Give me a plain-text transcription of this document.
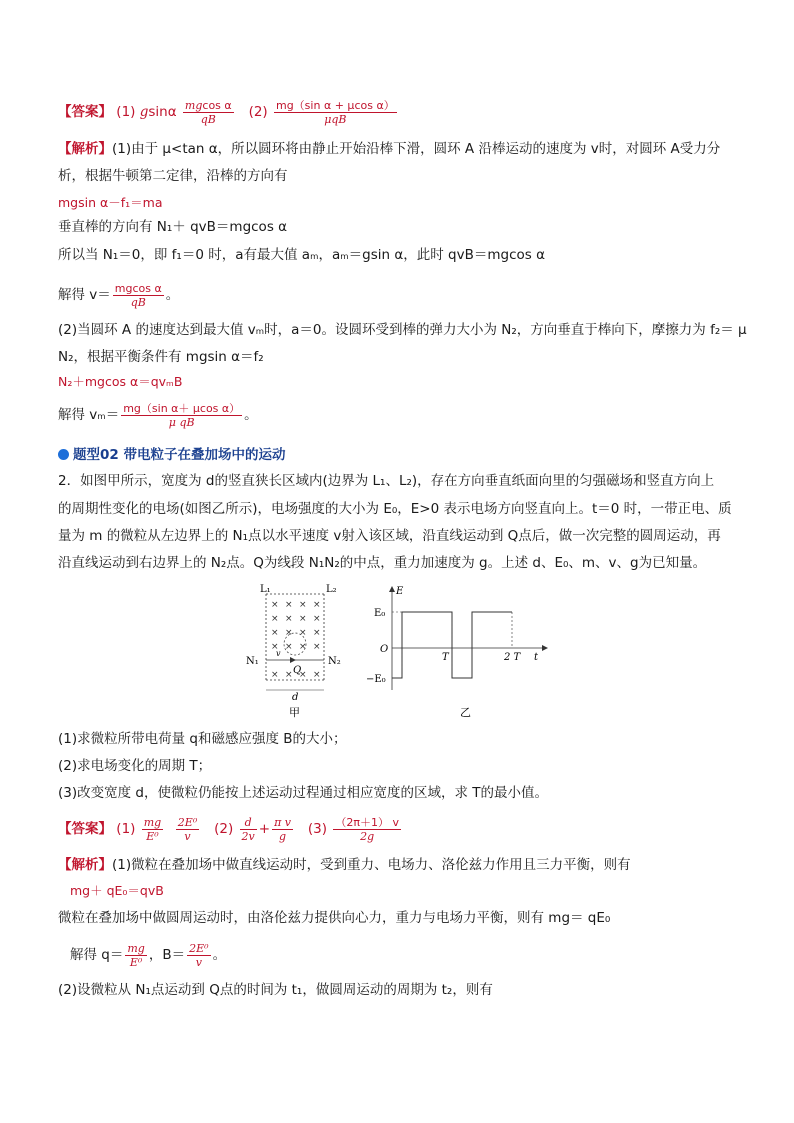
【答案】 (1) gsinα $\frac{\text{mgcos α}}{qB} (2) \frac{\text{mg（sin α + μcos α）}}{\text{μqB}}$
【解析】(1)由于 μ<tan α，所以圆环将由静止开始沿棒下滑，圆环 A 沿棒运动的速度为 v时，对圆环 A受力分
析，根据牛顿第二定律，沿棒的方向有
mgsin α－f₁＝ma
垂直棒的方向有 N₁＋ qvB＝mgcos α
所以当 N₁＝0，即 f₁＝0 时，a有最大值 aₘ，aₘ＝gsin α，此时 qvB＝mgcos α
解得 $v= \frac{\text{mgcos α}}{qB}$ 。
(2)当圆环 A 的速度达到最大值 vₘ时，a＝0。设圆环受到棒的弹力大小为 N₂，方向垂直于棒向下，摩擦力为 f₂＝ μ
N₂，根据平衡条件有 mgsin α＝f₂
N₂＋mgcos α＝qvₘB
解得 $v_m= \frac{\text{mg（sin α＋ μcos α）}}{\text{μ qB}}$ 。
题型02 带电粒子在叠加场中的运动
2．如图甲所示，宽度为 d的竖直狭长区域内(边界为 L₁、L₂)，存在方向垂直纸面向里的匀强磁场和竖直方向上
的周期性变化的电场(如图乙所示)，电场强度的大小为 E₀，E>0 表示电场方向竖直向上。t＝0 时，一带正电、质
量为 m 的微粒从左边界上的 N₁点以水平速度 v射入该区域，沿直线运动到 Q点后，做一次完整的圆周运动，再
沿直线运动到右边界上的 N₂点。Q为线段 N₁N₂的中点，重力加速度为 g。上述 d、E₀、m、v、g为已知量。
× × × ×
× × × ×
× × × ×
× × × ×
× × × ×
L₁	L₂
N₁	N₂
Q
v
d
甲
E
E₀
O
−E₀
T	2 T t
乙
(1)求微粒所带电荷量 q和磁感应强度 B的大小；
(2)求电场变化的周期 T；
(3)改变宽度 d，使微粒仍能按上述运动过程通过相应宽度的区域，求 T的最小值。
【答案】 $(1) \frac{mg}{\text{E⁰}}$
$\frac{\text{2E⁰}}{v} (2) \frac{d}{2v} + \frac{\text{π v}}{g} (3) \frac{(2\pi+1) v}{2g}$
【解析】(1)微粒在叠加场中做直线运动时，受到重力、电场力、洛伦兹力作用且三力平衡，则有
mg＋ qE₀＝qvB
微粒在叠加场中做圆周运动时，由洛伦兹力提供向心力，重力与电场力平衡，则有 mg＝ qE₀
解得 $q= \frac{mg}{\text{E⁰}}$ ，$B= \frac{\text{2E⁰}}{v}$ 。
(2)设微粒从 N₁点运动到 Q点的时间为 t₁，做圆周运动的周期为 t₂，则有
